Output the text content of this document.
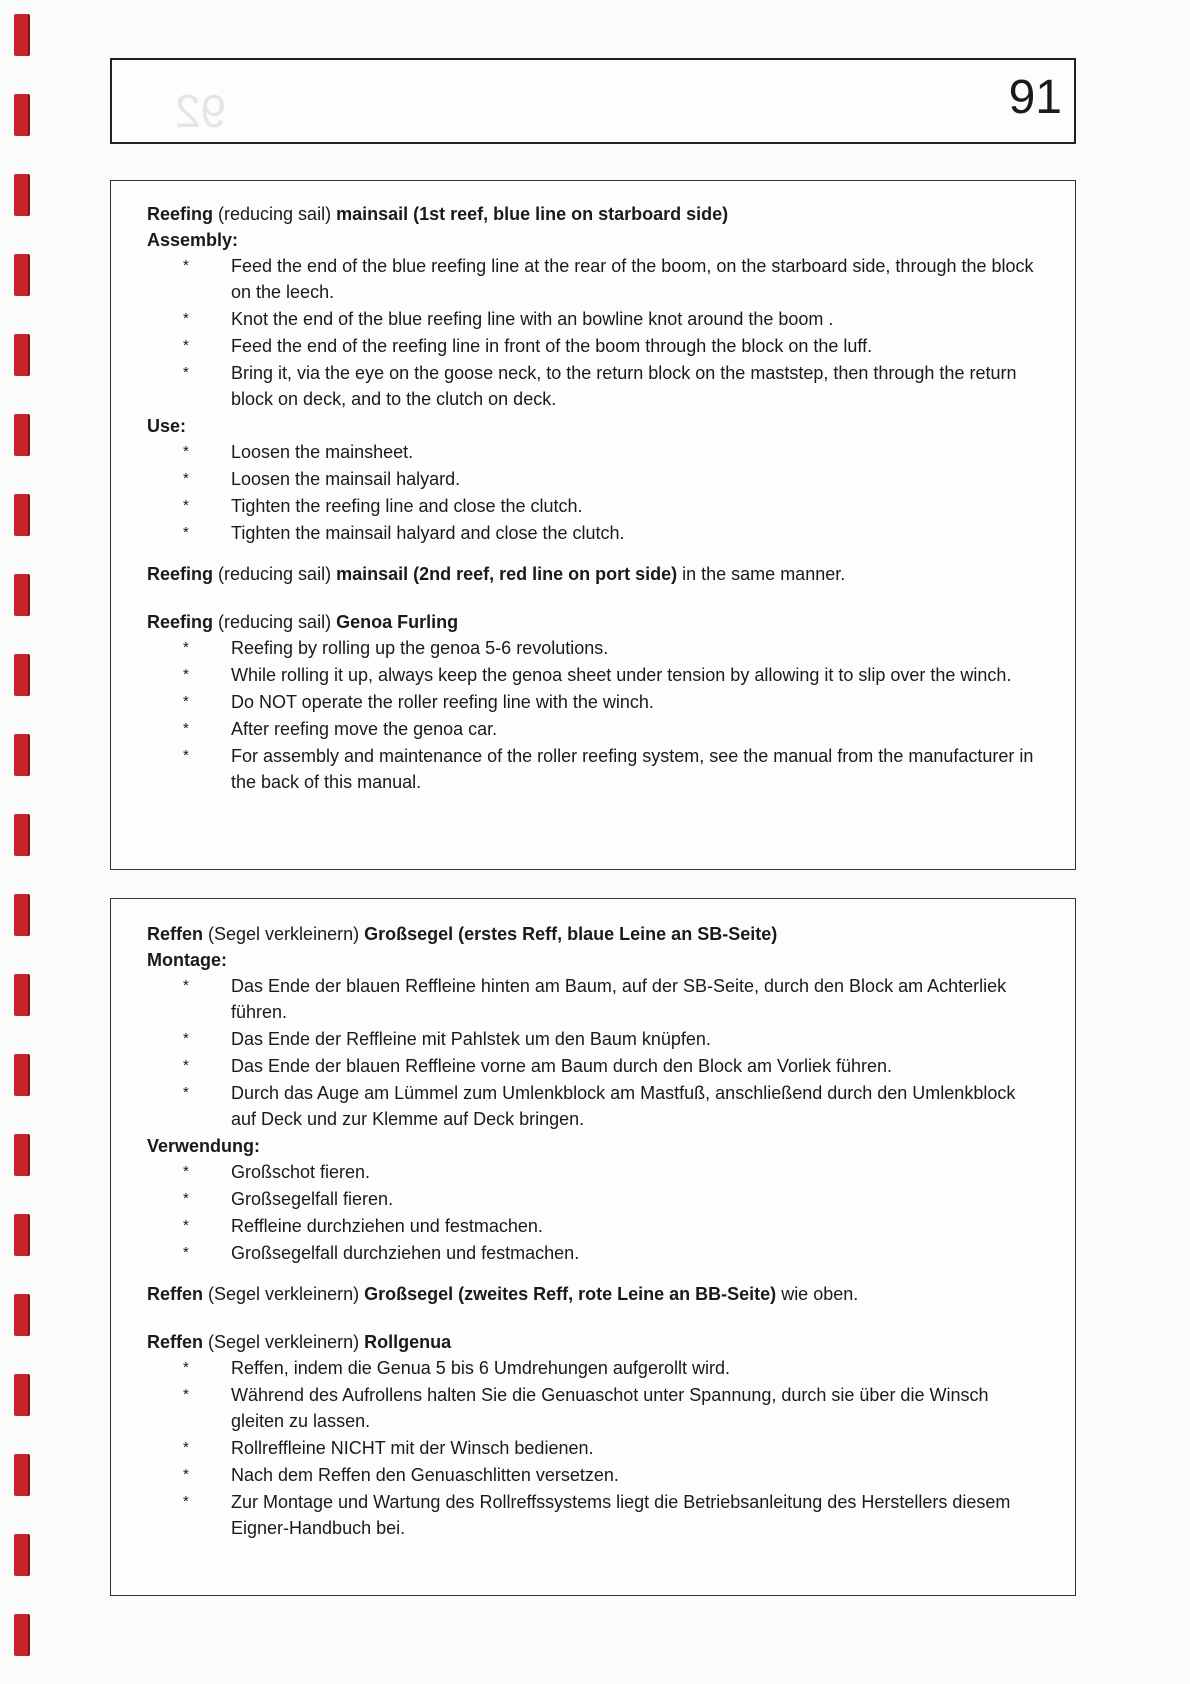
91
92

Reefing (reducing sail) mainsail (1st reef, blue line on starboard side)

Assembly:

* Feed the end of the blue reefing line at the rear of the boom, on the starboard side, through the block on the leech.
* Knot the end of the blue reefing line with an bowline knot around the boom .
* Feed the end of the reefing line in front of the boom through the block on the luff.
* Bring it, via the eye on the goose neck, to the return block on the maststep, then through the return block on deck, and to the clutch on deck.

Use:

* Loosen the mainsheet.
* Loosen the mainsail halyard.
* Tighten the reefing line and close the clutch.
* Tighten the mainsail halyard and close the clutch.

Reefing (reducing sail) mainsail (2nd reef, red line on port side) in the same manner.

Reefing (reducing sail) Genoa Furling

* Reefing by rolling up the genoa 5-6 revolutions.
* While rolling it up, always keep the genoa sheet under tension by allowing it to slip over the winch.
* Do NOT operate the roller reefing line with the winch.
* After reefing move the genoa car.
* For assembly and maintenance of the roller reefing system, see the manual from the manufacturer in the back of this manual.

Reffen (Segel verkleinern) Großsegel (erstes Reff, blaue Leine an SB-Seite)

Montage:

* Das Ende der blauen Reffleine hinten am Baum, auf der SB-Seite, durch den Block am Achterliek führen.
* Das Ende der Reffleine mit Pahlstek um den Baum knüpfen.
* Das Ende der blauen Reffleine vorne am Baum durch den Block am Vorliek führen.
* Durch das Auge am Lümmel zum Umlenkblock am Mastfuß, anschließend durch den Umlenkblock auf Deck und zur Klemme auf Deck bringen.

Verwendung:

* Großschot fieren.
* Großsegelfall fieren.
* Reffleine durchziehen und festmachen.
* Großsegelfall durchziehen und festmachen.

Reffen (Segel verkleinern) Großsegel (zweites Reff, rote Leine an BB-Seite) wie oben.

Reffen (Segel verkleinern) Rollgenua

* Reffen, indem die Genua 5 bis 6 Umdrehungen aufgerollt wird.
* Während des Aufrollens halten Sie die Genuaschot unter Spannung, durch sie über die Winsch gleiten zu lassen.
* Rollreffleine NICHT mit der Winsch bedienen.
* Nach dem Reffen den Genuaschlitten versetzen.
* Zur Montage und Wartung des Rollreffssystems liegt die Betriebsanleitung des Herstellers diesem Eigner-Handbuch bei.
